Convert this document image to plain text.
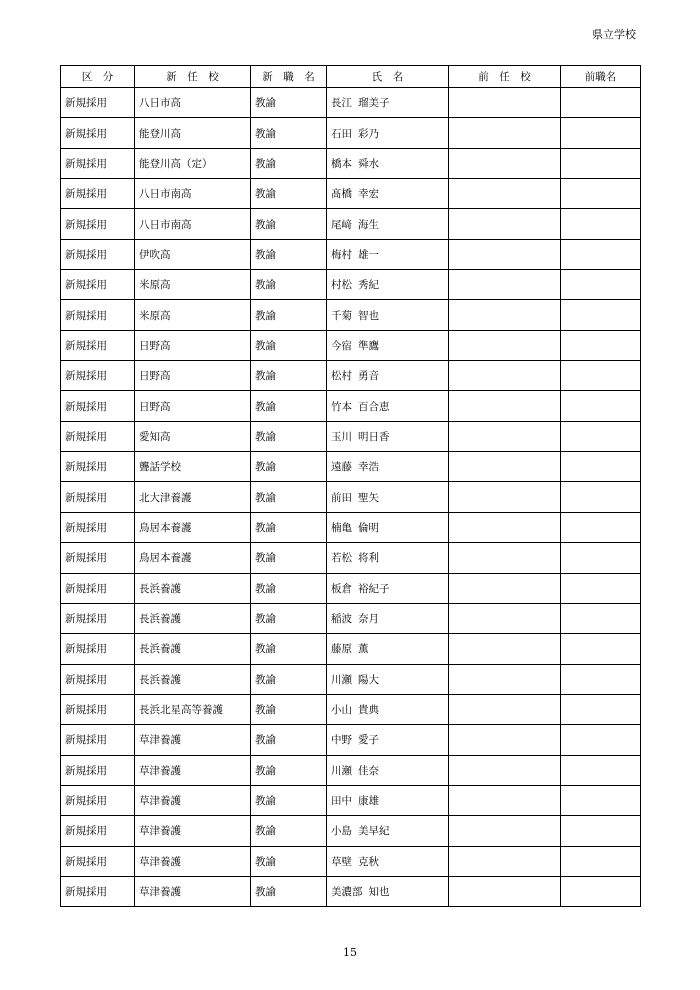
県立学校
区　分	新　任　校	新　職　名	氏　名	前　任　校	前職名
新規採用	八日市高	教諭	長江 瑠美子		
新規採用	能登川高	教諭	石田 彩乃		
新規採用	能登川高（定）	教諭	橋本 舜水		
新規採用	八日市南高	教諭	髙橋 幸宏		
新規採用	八日市南高	教諭	尾﨑 海生		
新規採用	伊吹高	教諭	梅村 雄一		
新規採用	米原高	教諭	村松 秀紀		
新規採用	米原高	教諭	千菊 智也		
新規採用	日野高	教諭	今宿 準鷹		
新規採用	日野高	教諭	松村 勇音		
新規採用	日野高	教諭	竹本 百合恵		
新規採用	愛知高	教諭	玉川 明日香		
新規採用	聾話学校	教諭	遠藤 幸浩		
新規採用	北大津養護	教諭	前田 聖矢		
新規採用	鳥居本養護	教諭	楠亀 倫明		
新規採用	鳥居本養護	教諭	若松 将利		
新規採用	長浜養護	教諭	板倉 裕紀子		
新規採用	長浜養護	教諭	稲波 奈月		
新規採用	長浜養護	教諭	藤原 薫		
新規採用	長浜養護	教諭	川瀬 陽大		
新規採用	長浜北星高等養護	教諭	小山 貴典		
新規採用	草津養護	教諭	中野 愛子		
新規採用	草津養護	教諭	川瀬 佳奈		
新規採用	草津養護	教諭	田中 康雄		
新規採用	草津養護	教諭	小島 美早紀		
新規採用	草津養護	教諭	草壁 克秋		
新規採用	草津養護	教諭	美濃部 知也		
15
